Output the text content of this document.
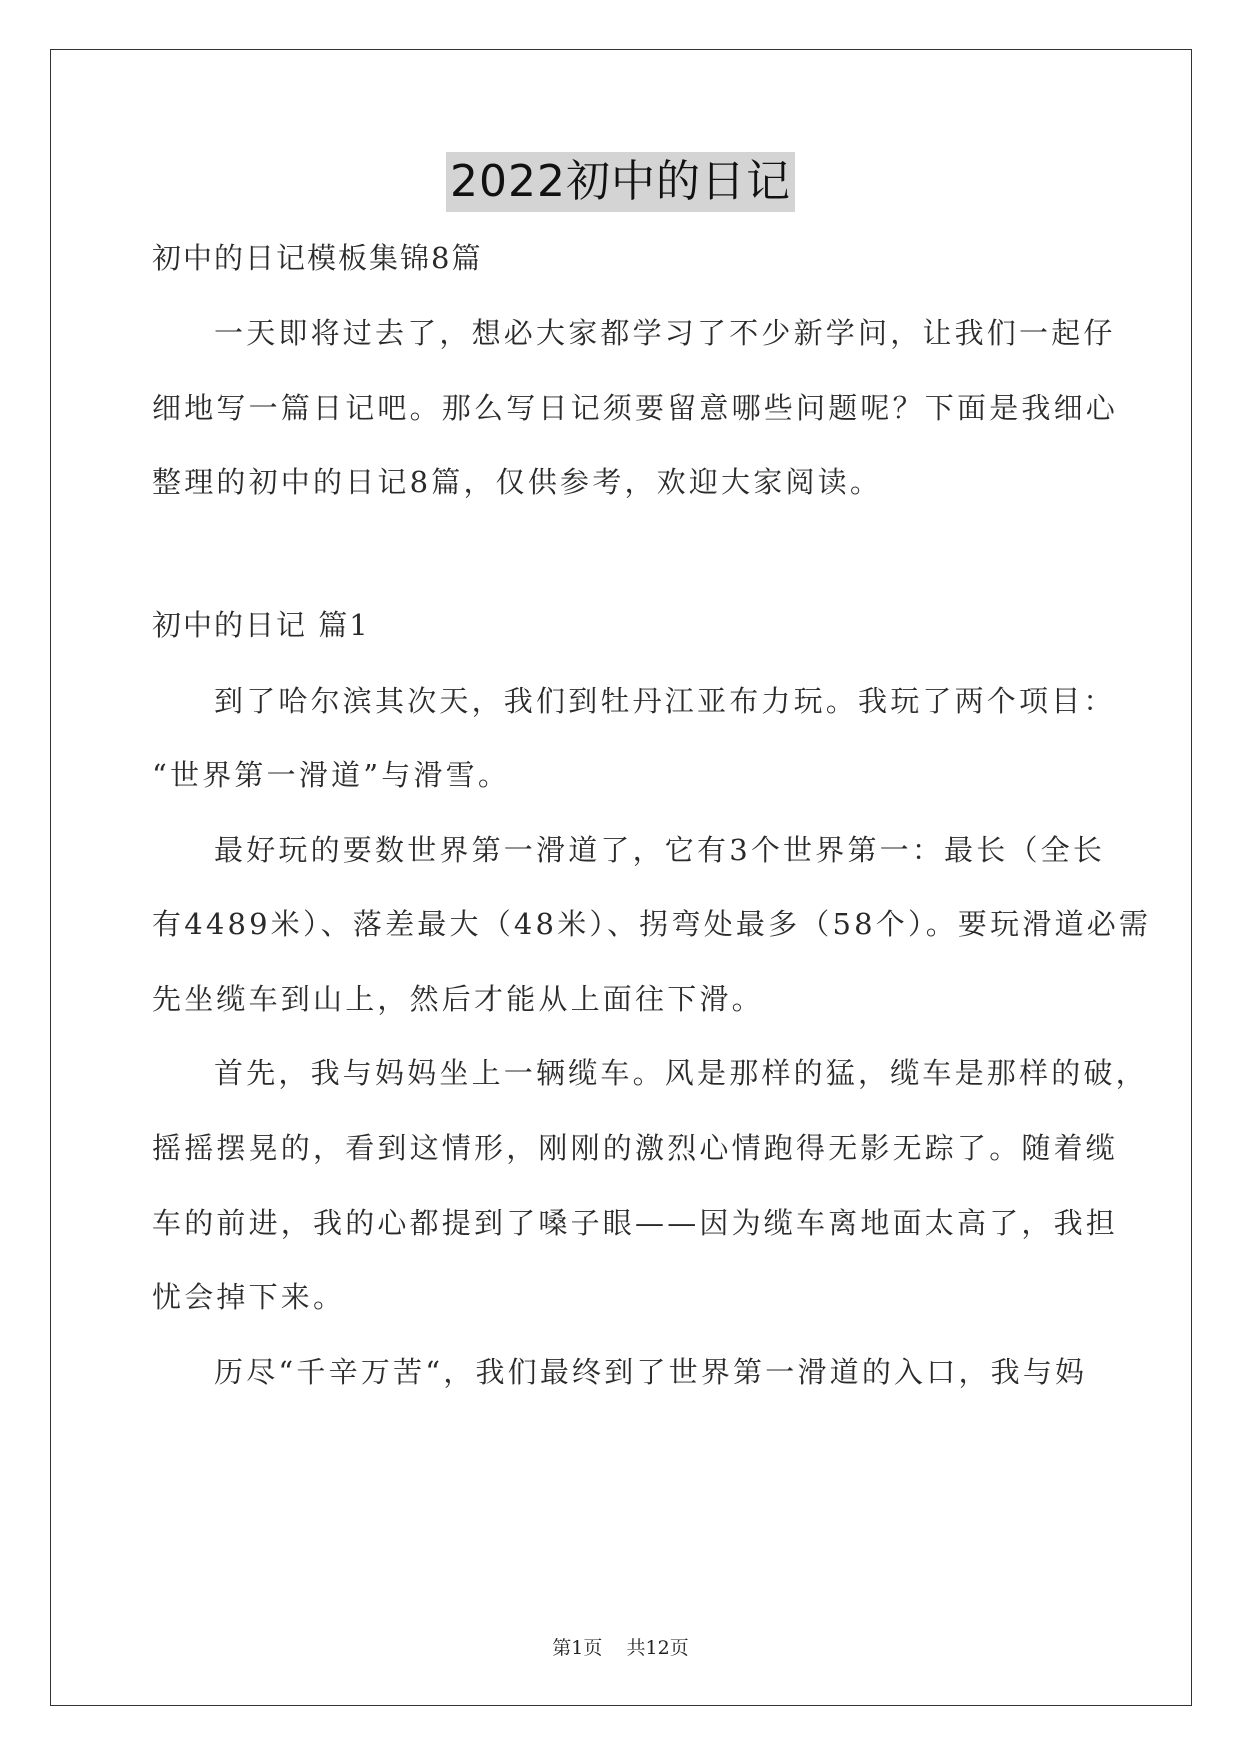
2022初中的日记
初中的日记模板集锦8篇
一天即将过去了，想必大家都学习了不少新学问，让我们一起仔
细地写一篇日记吧。那么写日记须要留意哪些问题呢？下面是我细心
整理的初中的日记8篇，仅供参考，欢迎大家阅读。
初中的日记 篇1
到了哈尔滨其次天，我们到牡丹江亚布力玩。我玩了两个项目：
“世界第一滑道”与滑雪。
最好玩的要数世界第一滑道了，它有3个世界第一：最长（全长
有4489米）、落差最大（48米）、拐弯处最多（58个）。要玩滑道必需
先坐缆车到山上，然后才能从上面往下滑。
首先，我与妈妈坐上一辆缆车。风是那样的猛，缆车是那样的破，
摇摇摆晃的，看到这情形，刚刚的激烈心情跑得无影无踪了。随着缆
车的前进，我的心都提到了嗓子眼——因为缆车离地面太高了，我担
忧会掉下来。
历尽“千辛万苦“，我们最终到了世界第一滑道的入口，我与妈
第1页 共12页
